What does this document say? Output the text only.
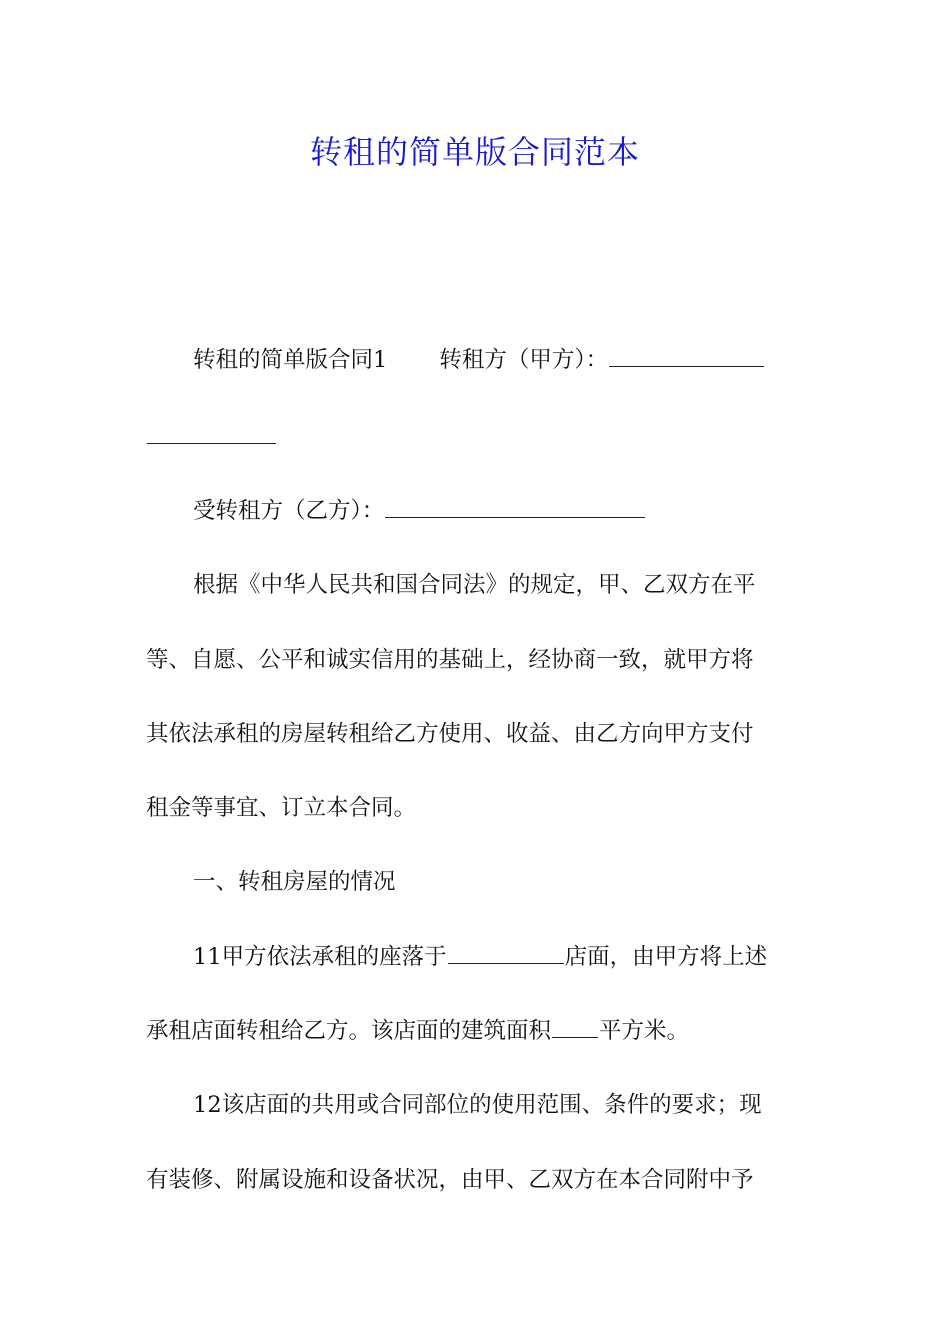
转租的简单版合同范本
转租的简单版合同1 转租方（甲方）：
受转租方（乙方）：
根据《中华人民共和国合同法》的规定，甲、乙双方在平
等、自愿、公平和诚实信用的基础上，经协商一致，就甲方将
其依法承租的房屋转租给乙方使用、收益、由乙方向甲方支付
租金等事宜、订立本合同。
一、转租房屋的情况
11甲方依法承租的座落于	店面，由甲方将上述
承租店面转租给乙方。该店面的建筑面积 平方米。
12该店面的共用或合同部位的使用范围、条件的要求；现
有装修、附属设施和设备状况，由甲、乙双方在本合同附中予
